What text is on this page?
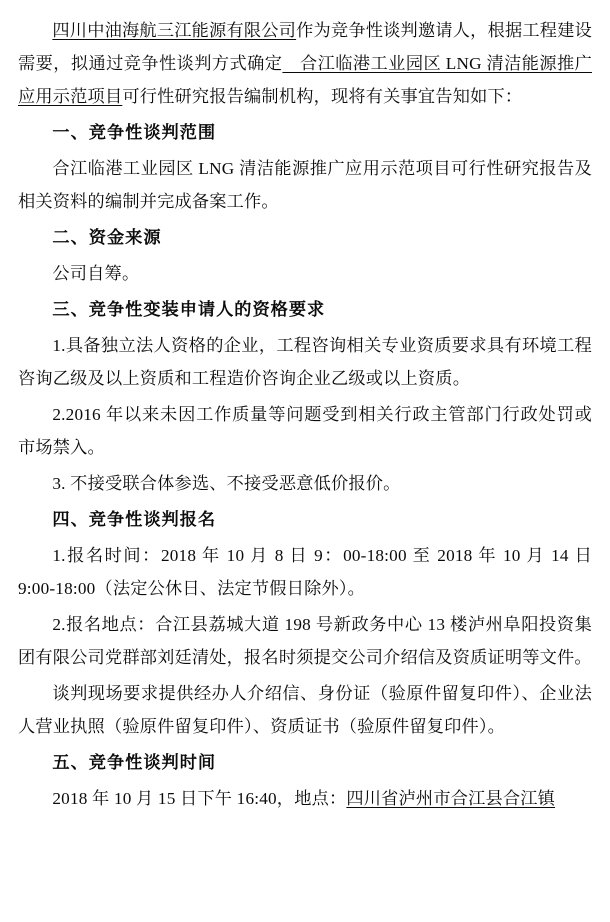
四川中油海航三江能源有限公司作为竞争性谈判邀请人，根据工程建设需要，拟通过竞争性谈判方式确定　合江临港工业园区 LNG 清洁能源推广应用示范项目可行性研究报告编制机构，现将有关事宜告知如下：

一、竞争性谈判范围

合江临港工业园区 LNG 清洁能源推广应用示范项目可行性研究报告及相关资料的编制并完成备案工作。

二、资金来源

公司自筹。

三、竞争性变装申请人的资格要求

1.具备独立法人资格的企业，工程咨询相关专业资质要求具有环境工程咨询乙级及以上资质和工程造价咨询企业乙级或以上资质。

2.2016 年以来未因工作质量等问题受到相关行政主管部门行政处罚或市场禁入。

3. 不接受联合体参选、不接受恶意低价报价。

四、竞争性谈判报名

1.报名时间：2018 年 10 月 8 日 9：00-18:00 至 2018 年 10 月 14 日 9:00-18:00（法定公休日、法定节假日除外）。

2.报名地点：合江县荔城大道 198 号新政务中心 13 楼泸州阜阳投资集团有限公司党群部刘廷清处，报名时须提交公司介绍信及资质证明等文件。

谈判现场要求提供经办人介绍信、身份证（验原件留复印件）、企业法人营业执照（验原件留复印件）、资质证书（验原件留复印件）。

五、竞争性谈判时间

2018 年 10 月 15 日下午 16:40，地点：四川省泸州市合江县合江镇
